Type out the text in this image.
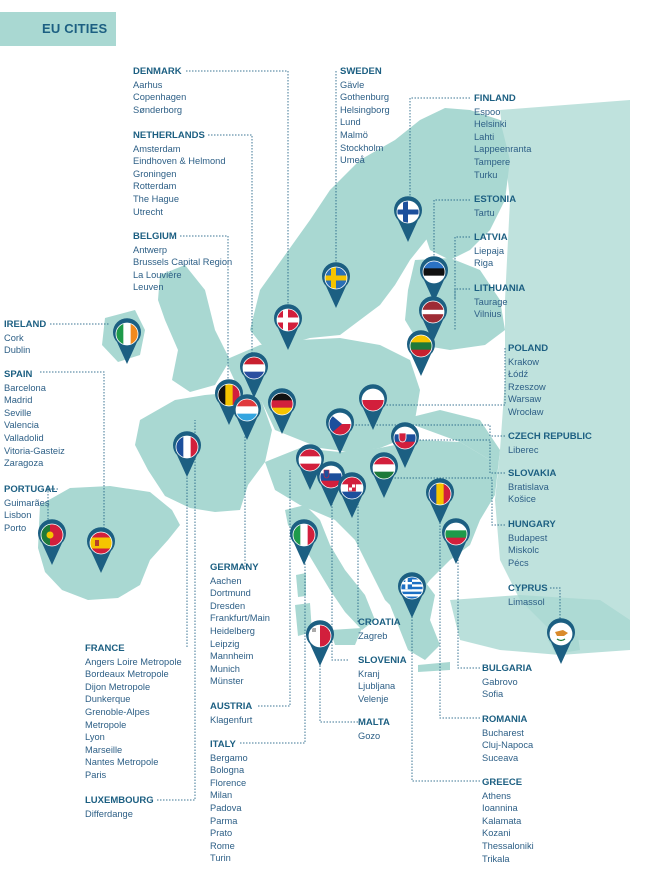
EU CITIES
DENMARK
Aarhus
Copenhagen
Sønderborg
NETHERLANDS
Amsterdam
Eindhoven & Helmond
Groningen
Rotterdam
The Hague
Utrecht
BELGIUM
Antwerp
Brussels Capital Region
La Louvière
Leuven
SWEDEN
Gävle
Gothenburg
Helsingborg
Lund
Malmö
Stockholm
Umeå
FINLAND
Espoo
Helsinki
Lahti
Lappeenranta
Tampere
Turku
ESTONIA
Tartu
LATVIA
Liepaja
Riga
LITHUANIA
Taurage
Vilnius
IRELAND
Cork
Dublin
SPAIN
Barcelona
Madrid
Seville
Valencia
Valladolid
Vitoria-Gasteiz
Zaragoza
PORTUGAL
Guimarães
Lisbon
Porto
POLAND
Krakow
Łódź
Rzeszow
Warsaw
Wrocław
CZECH REPUBLIC
Liberec
SLOVAKIA
Bratislava
Košice
HUNGARY
Budapest
Miskolc
Pécs
CYPRUS
Limassol
GERMANY
Aachen
Dortmund
Dresden
Frankfurt/Main
Heidelberg
Leipzig
Mannheim
Munich
Münster
FRANCE
Angers Loire Metropole
Bordeaux Metropole
Dijon Metropole
Dunkerque
Grenoble-Alpes
Metropole
Lyon
Marseille
Nantes Metropole
Paris
LUXEMBOURG
Differdange
AUSTRIA
Klagenfurt
ITALY
Bergamo
Bologna
Florence
Milan
Padova
Parma
Prato
Rome
Turin
CROATIA
Zagreb
SLOVENIA
Kranj
Ljubljana
Velenje
MALTA
Gozo
BULGARIA
Gabrovo
Sofia
ROMANIA
Bucharest
Cluj-Napoca
Suceava
GREECE
Athens
Ioannina
Kalamata
Kozani
Thessaloniki
Trikala
